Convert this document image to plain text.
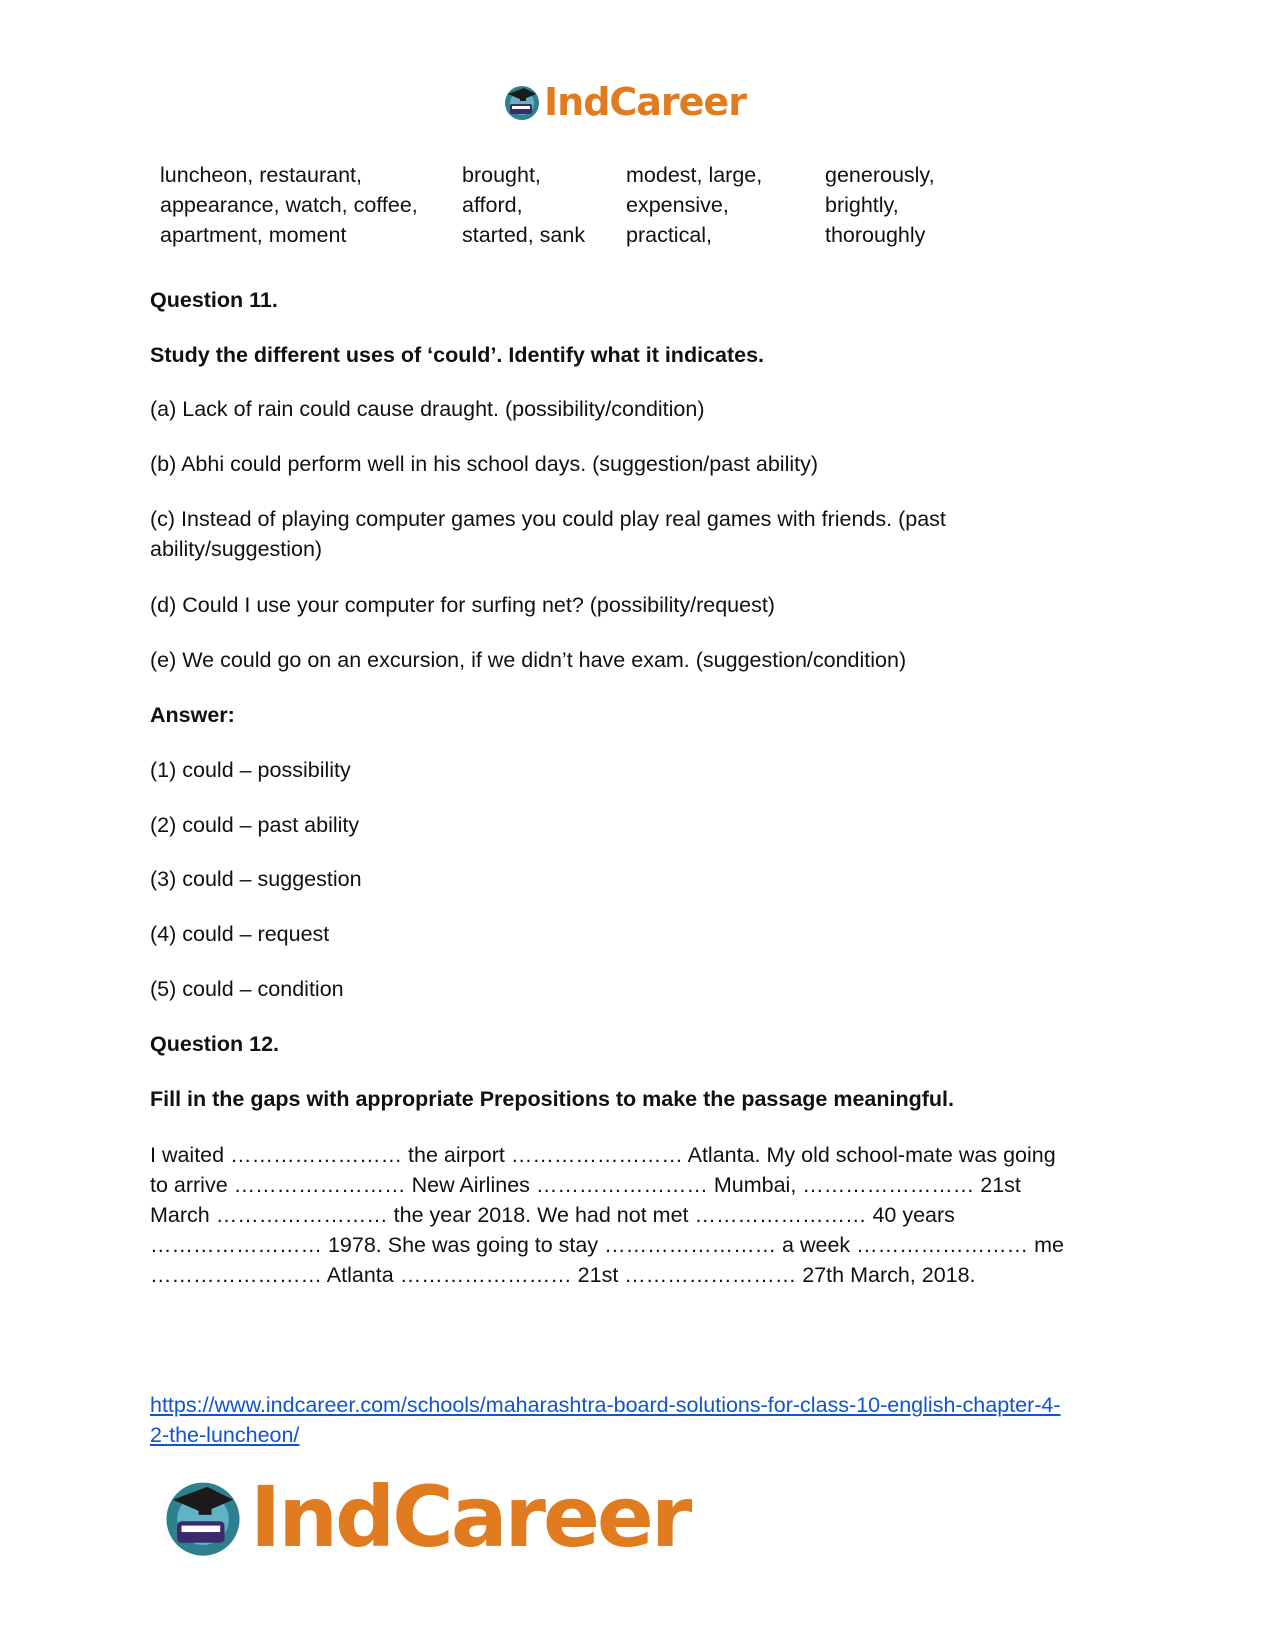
IndCareer
luncheon, restaurant,
appearance, watch, coffee,
apartment, moment
brought,
afford,
started, sank
modest, large,
expensive,
practical,
generously,
brightly,
thoroughly
Question 11.
Study the different uses of ‘could’. Identify what it indicates.
(a) Lack of rain could cause draught. (possibility/condition)
(b) Abhi could perform well in his school days. (suggestion/past ability)
(c) Instead of playing computer games you could play real games with friends. (past
ability/suggestion)
(d) Could I use your computer for surfing net? (possibility/request)
(e) We could go on an excursion, if we didn’t have exam. (suggestion/condition)
Answer:
(1) could – possibility
(2) could – past ability
(3) could – suggestion
(4) could – request
(5) could – condition
Question 12.
Fill in the gaps with appropriate Prepositions to make the passage meaningful.
I waited …………………… the airport …………………… Atlanta. My old school-mate was going
to arrive …………………… New Airlines …………………… Mumbai, …………………… 21st
March …………………… the year 2018. We had not met …………………… 40 years
…………………… 1978. She was going to stay …………………… a week …………………… me
…………………… Atlanta …………………… 21st …………………… 27th March, 2018.
https://www.indcareer.com/schools/maharashtra-board-solutions-for-class-10-english-chapter-4-
2-the-luncheon/
IndCareer
